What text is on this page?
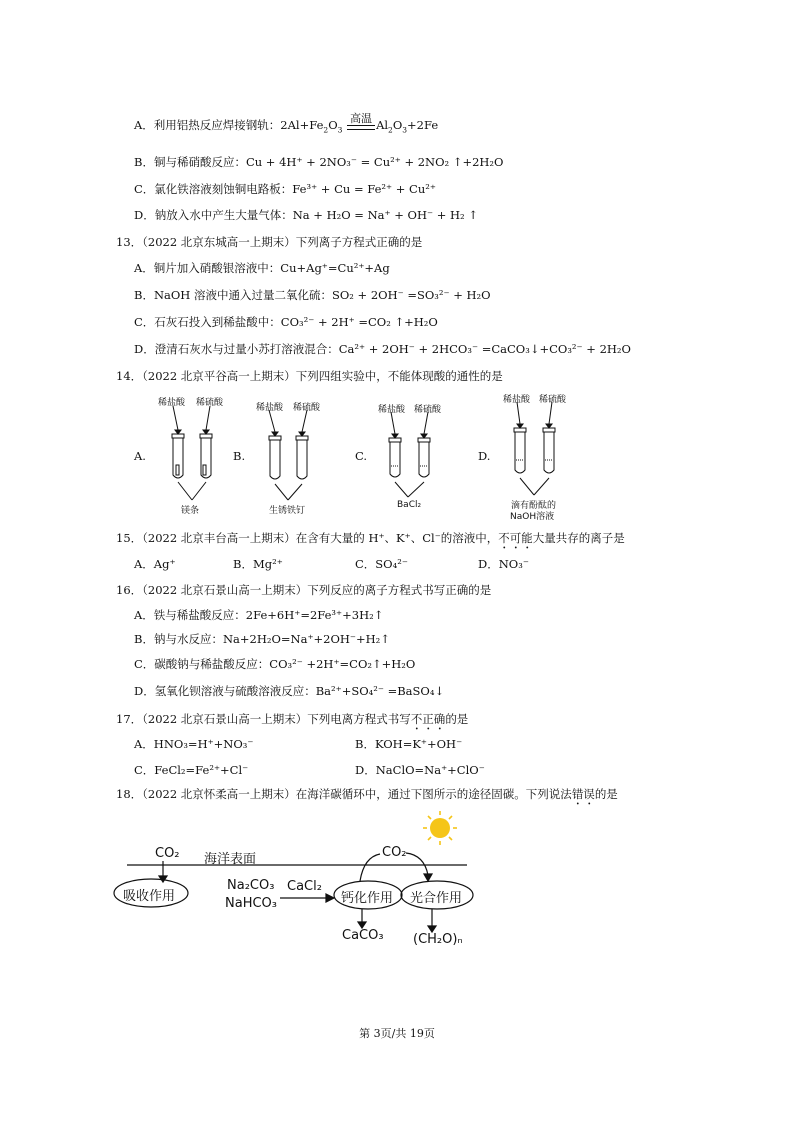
A．利用铝热反应焊接钢轨：$2Al+Fe_2O_3$
高温 $Al_2O_3+2Fe$
B．铜与稀硝酸反应：Cu + 4H⁺ + 2NO₃⁻ = Cu²⁺ + 2NO₂ ↑+2H₂O
C．氯化铁溶液刻蚀铜电路板：Fe³⁺ + Cu = Fe²⁺ + Cu²⁺
D．钠放入水中产生大量气体：Na + H₂O = Na⁺ + OH⁻ + H₂ ↑
13．（2022 北京东城高一上期末）下列离子方程式正确的是
A．铜片加入硝酸银溶液中：Cu+Ag⁺=Cu²⁺+Ag
B．NaOH 溶液中通入过量二氧化硫：SO₂ + 2OH⁻ =SO₃²⁻ + H₂O
C．石灰石投入到稀盐酸中：CO₃²⁻ + 2H⁺ =CO₂ ↑+H₂O
D．澄清石灰水与过量小苏打溶液混合：Ca²⁺ + 2OH⁻ + 2HCO₃⁻ =CaCO₃↓+CO₃²⁻ + 2H₂O
14．（2022 北京平谷高一上期末）下列四组实验中，不能体现酸的通性的是
稀盐酸 稀硫酸	稀盐酸 稀硫酸	稀盐酸 稀硫酸
稀盐酸 稀硫酸
A.	B.	C.	D.
镁条	生锈铁钉
BaCl₂	滴有酚酞的
NaOH溶液
15．（2022 北京丰台高一上期末）在含有大量的 H⁺、K⁺、Cl⁻的溶液中，不可能大量共存的离子是
A．Ag⁺	B．Mg²⁺	C．SO₄²⁻	D．NO₃⁻
16．（2022 北京石景山高一上期末）下列反应的离子方程式书写正确的是
A．铁与稀盐酸反应：2Fe+6H⁺=2Fe³⁺+3H₂↑
B．钠与水反应：Na+2H₂O=Na⁺+2OH⁻+H₂↑
C．碳酸钠与稀盐酸反应：CO₃²⁻ +2H⁺=CO₂↑+H₂O
D．氢氧化钡溶液与硫酸溶液反应：Ba²⁺+SO₄²⁻ =BaSO₄↓
17．（2022 北京石景山高一上期末）下列电离方程式书写不正确的是
A．HNO₃=H⁺+NO₃⁻	B．KOH=K⁺+OH⁻
C．FeCl₂=Fe²⁺+Cl⁻	D．NaClO=Na⁺+ClO⁻
18．（2022 北京怀柔高一上期末）在海洋碳循环中，通过下图所示的途径固碳。下列说法错误的是
CO₂ 海洋表面	CO₂
吸收作用
Na₂CO₃
NaHCO₃
CaCl₂
钙化作用 光合作用
CaCO₃ (CH₂O)ₙ
第 3页/共 19页
